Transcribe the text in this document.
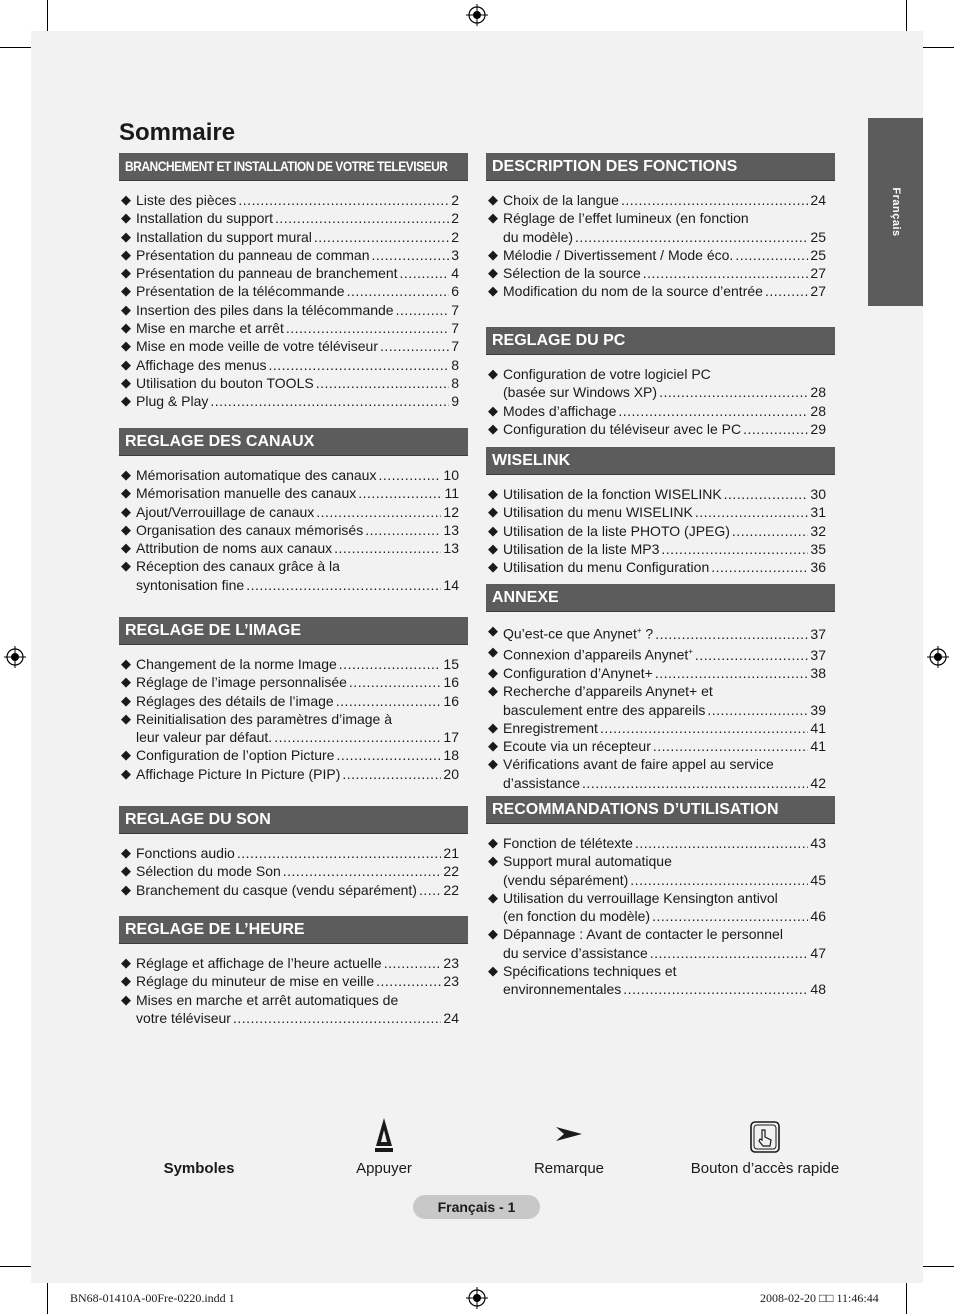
Sommaire
Français
BRANCHEMENT ET INSTALLATION DE VOTRE TELEVISEUR
◆ Liste des pièces .....	2
◆ Installation du support .....	2
◆ Installation du support mural .....	2
◆ Présentation du panneau de comman .....	3
◆ Présentation du panneau de branchement .....	4
◆ Présentation de la télécommande .....	6
◆ Insertion des piles dans la télécommande .....	7
◆ Mise en marche et arrêt .....	7
◆ Mise en mode veille de votre téléviseur .....	7
◆ Affichage des menus .....	8
◆ Utilisation du bouton TOOLS .....	8
◆ Plug & Play .....	9
REGLAGE DES CANAUX
◆ Mémorisation automatique des canaux .....	10
◆ Mémorisation manuelle des canaux .....	11
◆ Ajout/Verrouillage de canaux .....	12
◆ Organisation des canaux mémorisés .....	13
◆ Attribution de noms aux canaux .....	13
◆ Réception des canaux grâce à la
syntonisation fine .....	14
REGLAGE DE L’IMAGE
◆ Changement de la norme Image .....	15
◆ Réglage de l’image personnalisée .....	16
◆ Réglages des détails de l’image .....	16
◆ Reinitialisation des paramètres d’image à
leur valeur par défaut. .....	17
◆ Configuration de l’option Picture .....	18
◆ Affichage Picture In Picture (PIP) .....	20
REGLAGE DU SON
◆ Fonctions audio .....	21
◆ Sélection du mode Son .....	22
◆ Branchement du casque (vendu séparément) ..... 22
REGLAGE DE L’HEURE
◆ Réglage et affichage de l’heure actuelle .....	23
◆ Réglage du minuteur de mise en veille .....	23
◆ Mises en marche et arrêt automatiques de
votre téléviseur .....	24
DESCRIPTION DES FONCTIONS
◆ Choix de la langue .....	24
◆ Réglage de l’effet lumineux (en fonction
du modèle) .....	25
◆ Mélodie / Divertissement / Mode éco. .....	25
◆ Sélection de la source .....	27
◆ Modification du nom de la source d’entrée .....	27
REGLAGE DU PC
◆ Configuration de votre logiciel PC
(basée sur Windows XP) .....	28
◆ Modes d’affichage .....	28
◆ Configuration du téléviseur avec le PC .....	29
WISELINK
◆ Utilisation de la fonction WISELINK .....	30
◆ Utilisation du menu WISELINK .....	31
◆ Utilisation de la liste PHOTO (JPEG) .....	32
◆ Utilisation de la liste MP3 .....	35
◆ Utilisation du menu Configuration .....	36
ANNEXE
◆ Qu’est-ce que Anynet+ ? .....	37
◆ Connexion d’appareils Anynet+ .....	37
◆ Configuration d’Anynet+ .....	38
◆ Recherche d’appareils Anynet+ et
basculement entre des appareils .....	39
◆ Enregistrement .....	41
◆ Ecoute via un récepteur .....	41
◆ Vérifications avant de faire appel au service
d’assistance .....	42
RECOMMANDATIONS D’UTILISATION
◆ Fonction de télétexte .....	43
◆ Support mural automatique
(vendu séparément) .....	45
◆ Utilisation du verrouillage Kensington antivol
(en fonction du modèle) .....	46
◆ Dépannage : Avant de contacter le personnel
du service d’assistance .....	47
◆ Spécifications techniques et
environnementales .....	48
Symboles	Appuyer	Remarque	Bouton d’accès rapide
Français - 1
BN68-01410A-00Fre-0220.indd 1	2008-02-20 □□ 11:46:44
